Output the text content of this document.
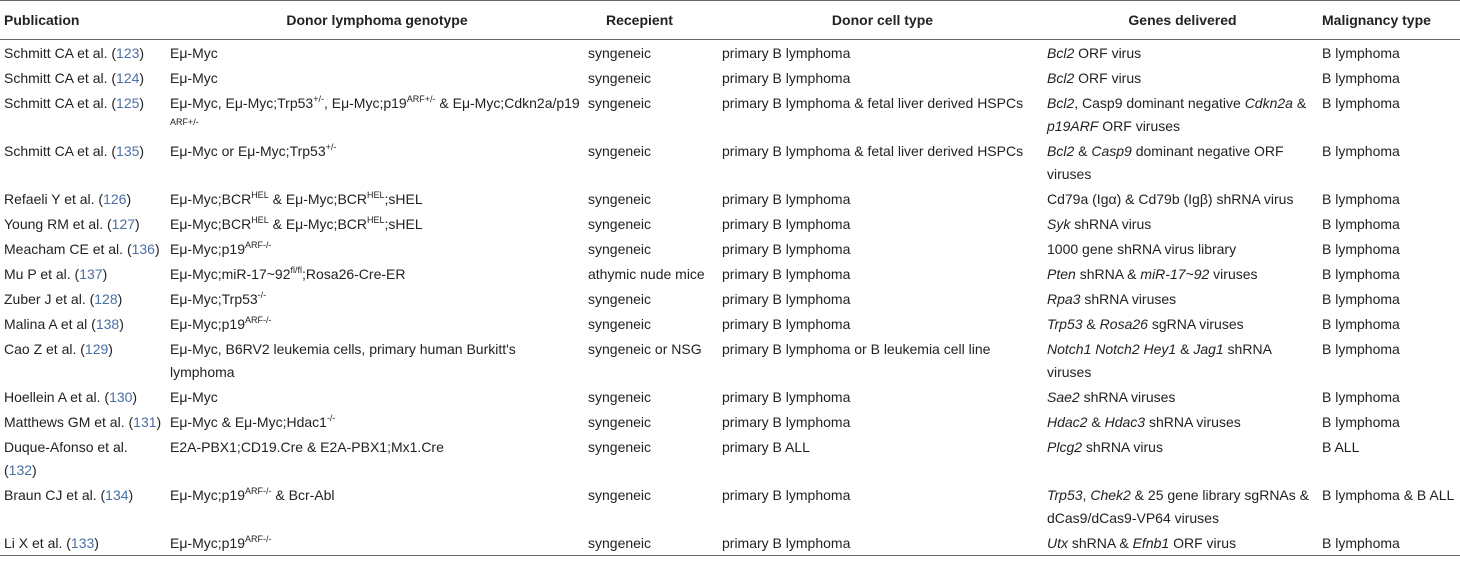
Publication	Donor lymphoma genotype	Recepient	Donor cell type	Genes delivered	Malignancy type
Schmitt CA et al. (123)	Eμ-Myc	syngeneic	primary B lymphoma	Bcl2 ORF virus	B lymphoma
Schmitt CA et al. (124)	Eμ-Myc	syngeneic	primary B lymphoma	Bcl2 ORF virus	B lymphoma
Schmitt CA et al. (125)	Eμ-Myc, Eμ-Myc;Trp53+/-, $E\mu-Myc;p19^{ARF+/-}$ & Eμ-Myc;Cdkn2a/p19 $^{ARF+/-}$	syngeneic	primary B lymphoma & fetal liver derived HSPCs	Bcl2, Casp9 dominant negative Cdkn2a & p19ARF ORF viruses	B lymphoma
Schmitt CA et al. (135)	Eμ-Myc or Eμ-Myc;Trp53+/-	syngeneic	primary B lymphoma & fetal liver derived HSPCs	Bcl2 & Casp9 dominant negative ORF viruses	B lymphoma
Refaeli Y et al. (126)	$E\mu-Myc;BCR^{HEL}$ & $E\mu-Myc;BCR^{HEL};sHEL$	syngeneic	primary B lymphoma	Cd79a (Igα) & Cd79b (Igβ) shRNA virus	B lymphoma
Young RM et al. (127)	$E\mu-Myc;BCR^{HEL}$ & $E\mu-Myc;BCR^{HEL};sHEL$	syngeneic	primary B lymphoma	Syk shRNA virus	B lymphoma
Meacham CE et al. (136)	$E\mu-Myc;p19^{ARF-/-}$	syngeneic	primary B lymphoma	1000 gene shRNA virus library	B lymphoma
Mu P et al. (137)	$E\mu-Myc;miR-17\sim 92^{fl/fl};Rosa26-Cre-ER$	athymic nude mice	primary B lymphoma	Pten shRNA & miR-17~92 viruses	B lymphoma
Zuber J et al. (128)	Eμ-Myc;Trp53-/-	syngeneic	primary B lymphoma	Rpa3 shRNA viruses	B lymphoma
Malina A et al (138)	$E\mu-Myc;p19^{ARF-/-}$	syngeneic	primary B lymphoma	Trp53 & Rosa26 sgRNA viruses	B lymphoma
Cao Z et al. (129)	Eμ-Myc, B6RV2 leukemia cells, primary human Burkitt's lymphoma	syngeneic or NSG	primary B lymphoma or B leukemia cell line	Notch1 Notch2 Hey1 & Jag1 shRNA viruses	B lymphoma
Hoellein A et al. (130)	Eμ-Myc	syngeneic	primary B lymphoma	Sae2 shRNA viruses	B lymphoma
Matthews GM et al. (131)	Eμ-Myc & Eμ-Myc;Hdac1-/-	syngeneic	primary B lymphoma	Hdac2 & Hdac3 shRNA viruses	B lymphoma
Duque-Afonso et al. (132)	E2A-PBX1;CD19.Cre & E2A-PBX1;Mx1.Cre	syngeneic	primary B ALL	Plcg2 shRNA virus	B ALL
Braun CJ et al. (134)	$E\mu-Myc;p19^{ARF-/-}$ & Bcr-Abl	syngeneic	primary B lymphoma	Trp53, Chek2 & 25 gene library sgRNAs & dCas9/dCas9-VP64 viruses	B lymphoma & B ALL
Li X et al. (133)	$E\mu-Myc;p19^{ARF-/-}$	syngeneic	primary B lymphoma	Utx shRNA & Efnb1 ORF virus	B lymphoma
